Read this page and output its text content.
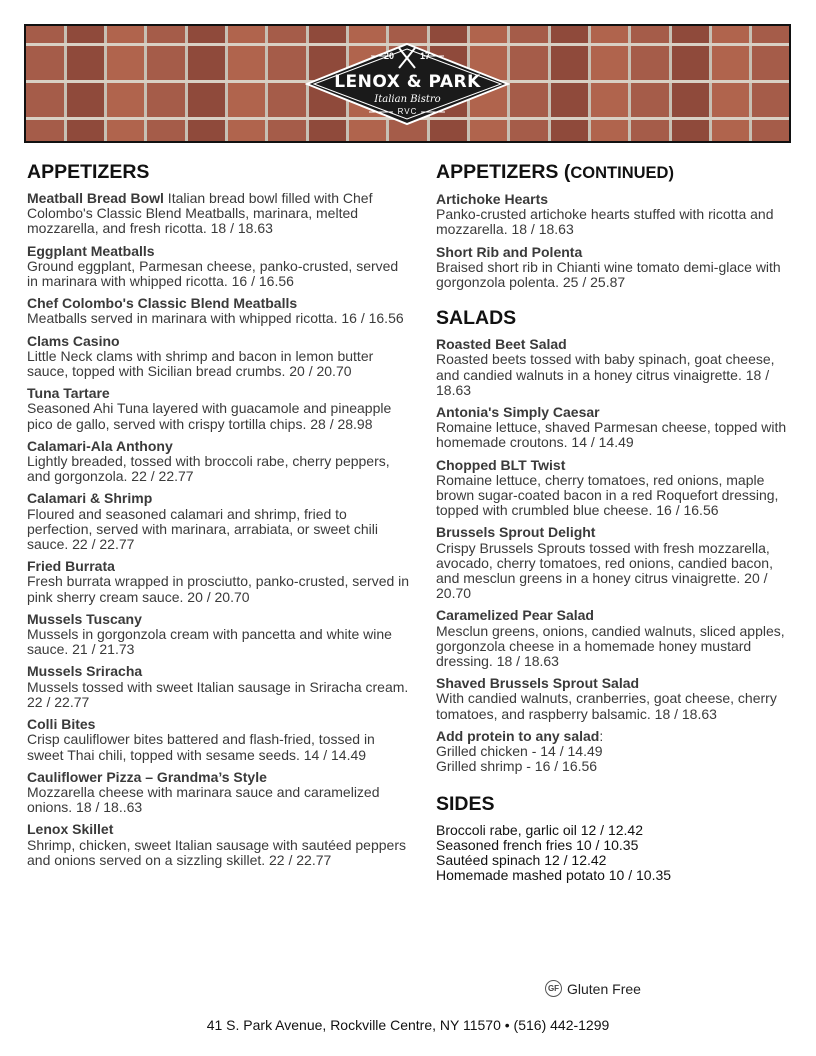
20	17
LENOX & PARK
Italian Bistro
RVC
APPETIZERS
Meatball Bread Bowl Italian bread bowl filled with Chef Colombo's Classic Blend Meatballs, marinara, melted mozzarella, and fresh ricotta. 18 / 18.63
Eggplant Meatballs
Ground eggplant, Parmesan cheese, panko-crusted, served in marinara with whipped ricotta. 16 / 16.56
Chef Colombo's Classic Blend Meatballs
Meatballs served in marinara with whipped ricotta. 16 / 16.56
Clams Casino
Little Neck clams with shrimp and bacon in lemon butter sauce, topped with Sicilian bread crumbs. 20 / 20.70
Tuna Tartare
Seasoned Ahi Tuna layered with guacamole and pineapple pico de gallo, served with crispy tortilla chips. 28 / 28.98
Calamari-Ala Anthony
Lightly breaded, tossed with broccoli rabe, cherry peppers, and gorgonzola. 22 / 22.77
Calamari & Shrimp
Floured and seasoned calamari and shrimp, fried to perfection, served with marinara, arrabiata, or sweet chili sauce. 22 / 22.77
Fried Burrata
Fresh burrata wrapped in prosciutto, panko-crusted, served in pink sherry cream sauce. 20 / 20.70
Mussels Tuscany
Mussels in gorgonzola cream with pancetta and white wine sauce. 21 / 21.73
Mussels Sriracha
Mussels tossed with sweet Italian sausage in Sriracha cream. 22 / 22.77
Colli Bites
Crisp cauliflower bites battered and flash-fried, tossed in sweet Thai chili, topped with sesame seeds. 14 / 14.49
Cauliflower Pizza – Grandma’s Style
Mozzarella cheese with marinara sauce and caramelized onions. 18 / 18..63
Lenox Skillet
Shrimp, chicken, sweet Italian sausage with sautéed peppers and onions served on a sizzling skillet. 22 / 22.77
APPETIZERS (CONTINUED)
Artichoke Hearts
Panko-crusted artichoke hearts stuffed with ricotta and mozzarella. 18 / 18.63
Short Rib and Polenta
Braised short rib in Chianti wine tomato demi-glace with gorgonzola polenta. 25 / 25.87
SALADS
Roasted Beet Salad
Roasted beets tossed with baby spinach, goat cheese, and candied walnuts in a honey citrus vinaigrette. 18 / 18.63
Antonia's Simply Caesar
Romaine lettuce, shaved Parmesan cheese, topped with homemade croutons. 14 / 14.49
Chopped BLT Twist
Romaine lettuce, cherry tomatoes, red onions, maple brown sugar-coated bacon in a red Roquefort dressing, topped with crumbled blue cheese. 16 / 16.56
Brussels Sprout Delight
Crispy Brussels Sprouts tossed with fresh mozzarella, avocado, cherry tomatoes, red onions, candied bacon, and mesclun greens in a honey citrus vinaigrette. 20 / 20.70
Caramelized Pear Salad
Mesclun greens, onions, candied walnuts, sliced apples, gorgonzola cheese in a homemade honey mustard dressing. 18 / 18.63
Shaved Brussels Sprout Salad
With candied walnuts, cranberries, goat cheese, cherry tomatoes, and raspberry balsamic. 18 / 18.63
Add protein to any salad:
Grilled chicken - 14 / 14.49
Grilled shrimp - 16 / 16.56
SIDES
Broccoli rabe, garlic oil 12 / 12.42
Seasoned french fries 10 / 10.35
Sautéed spinach 12 / 12.42
Homemade mashed potato 10 / 10.35
GF Gluten Free
41 S. Park Avenue, Rockville Centre, NY 11570 • (516) 442-1299
